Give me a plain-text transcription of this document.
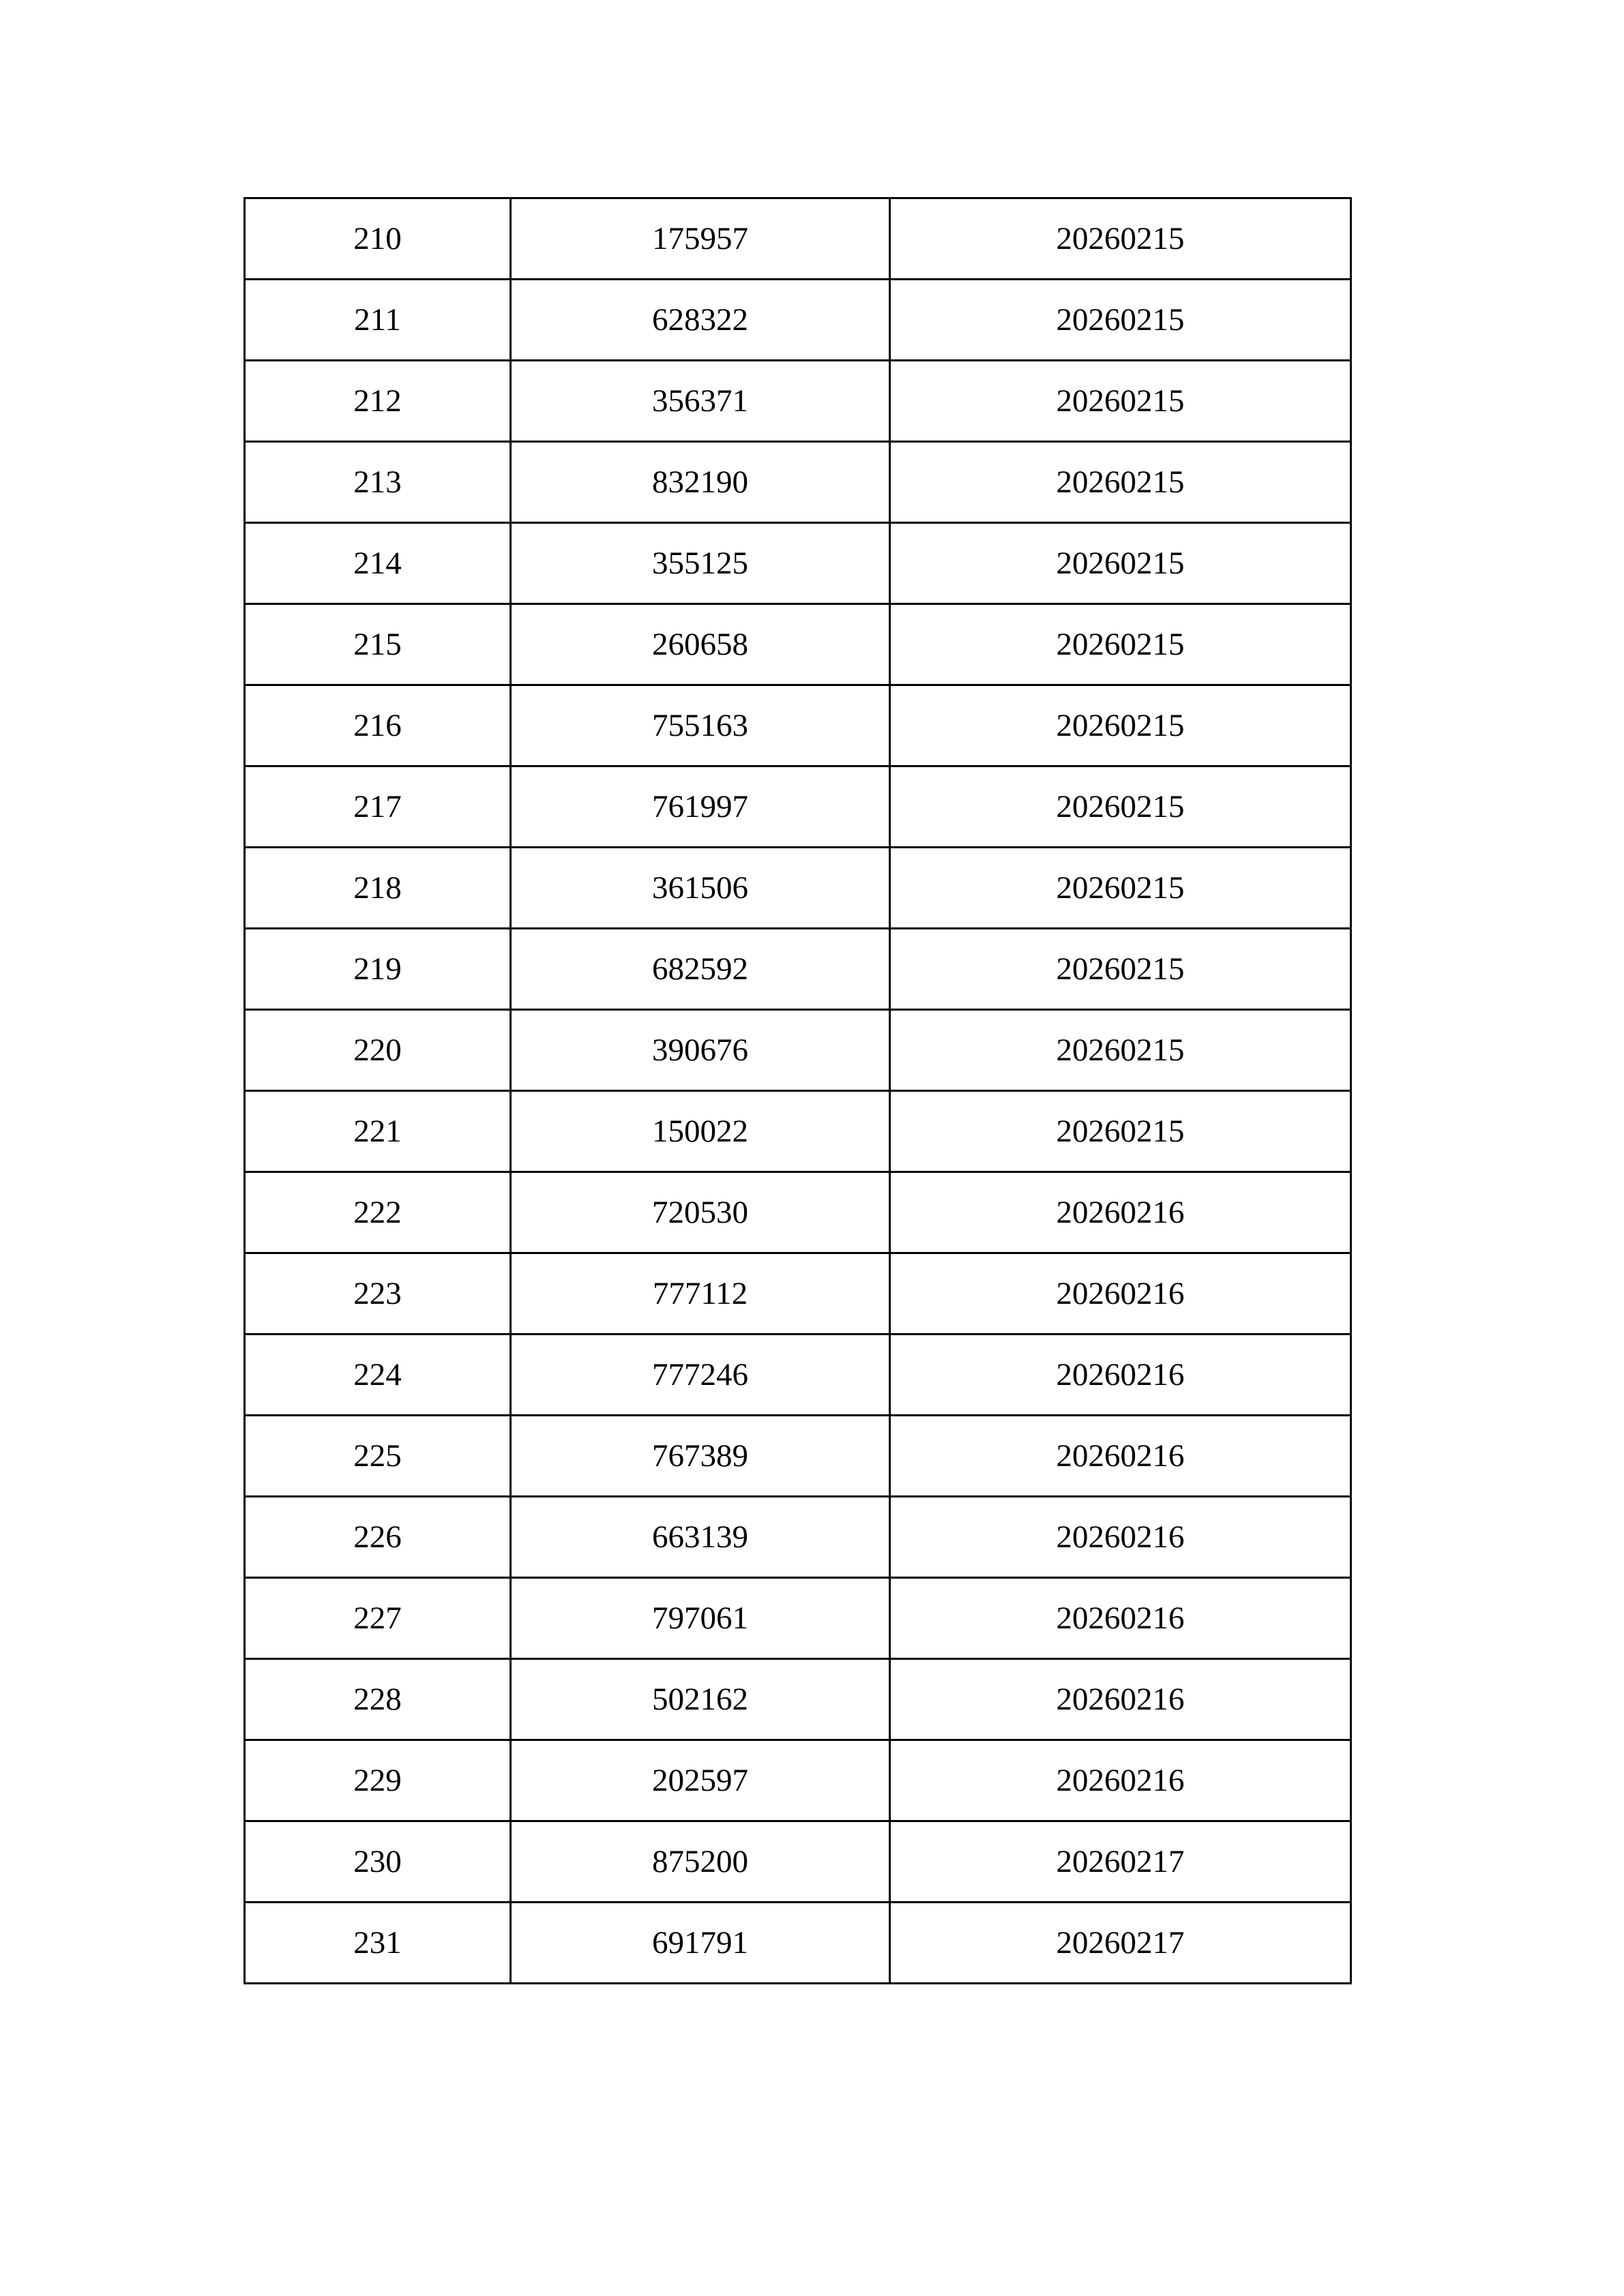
210	175957	20260215
211	628322	20260215
212	356371	20260215
213	832190	20260215
214	355125	20260215
215	260658	20260215
216	755163	20260215
217	761997	20260215
218	361506	20260215
219	682592	20260215
220	390676	20260215
221	150022	20260215
222	720530	20260216
223	777112	20260216
224	777246	20260216
225	767389	20260216
226	663139	20260216
227	797061	20260216
228	502162	20260216
229	202597	20260216
230	875200	20260217
231	691791	20260217
